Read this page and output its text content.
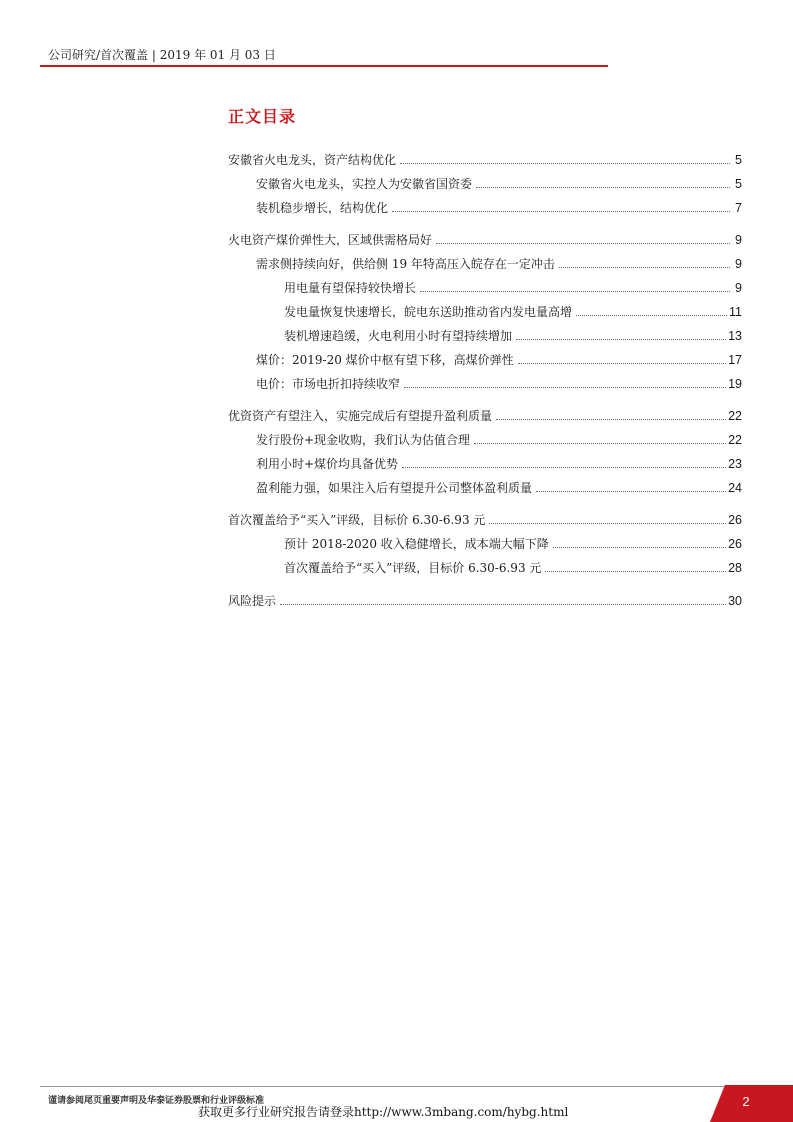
公司研究/首次覆盖 | 2019 年 01 月 03 日
正文目录
安徽省火电龙头，资产结构优化	5
安徽省火电龙头，实控人为安徽省国资委	5
装机稳步增长，结构优化	7
火电资产煤价弹性大，区域供需格局好	9
需求侧持续向好，供给侧 19 年特高压入皖存在一定冲击	9
用电量有望保持较快增长	9
发电量恢复快速增长，皖电东送助推动省内发电量高增	11
装机增速趋缓，火电利用小时有望持续增加	13
煤价：2019-20 煤价中枢有望下移，高煤价弹性	17
电价：市场电折扣持续收窄	19
优资资产有望注入，实施完成后有望提升盈利质量	22
发行股份+现金收购，我们认为估值合理	22
利用小时+煤价均具备优势	23
盈利能力强，如果注入后有望提升公司整体盈利质量	24
首次覆盖给予“买入”评级，目标价 6.30-6.93 元	26
预计 2018-2020 收入稳健增长，成本端大幅下降	26
首次覆盖给予“买入”评级，目标价 6.30-6.93 元	28
风险提示	30
谨请参阅尾页重要声明及华泰证券股票和行业评级标准
获取更多行业研究报告请登录http://www.3mbang.com/hybg.html
2
